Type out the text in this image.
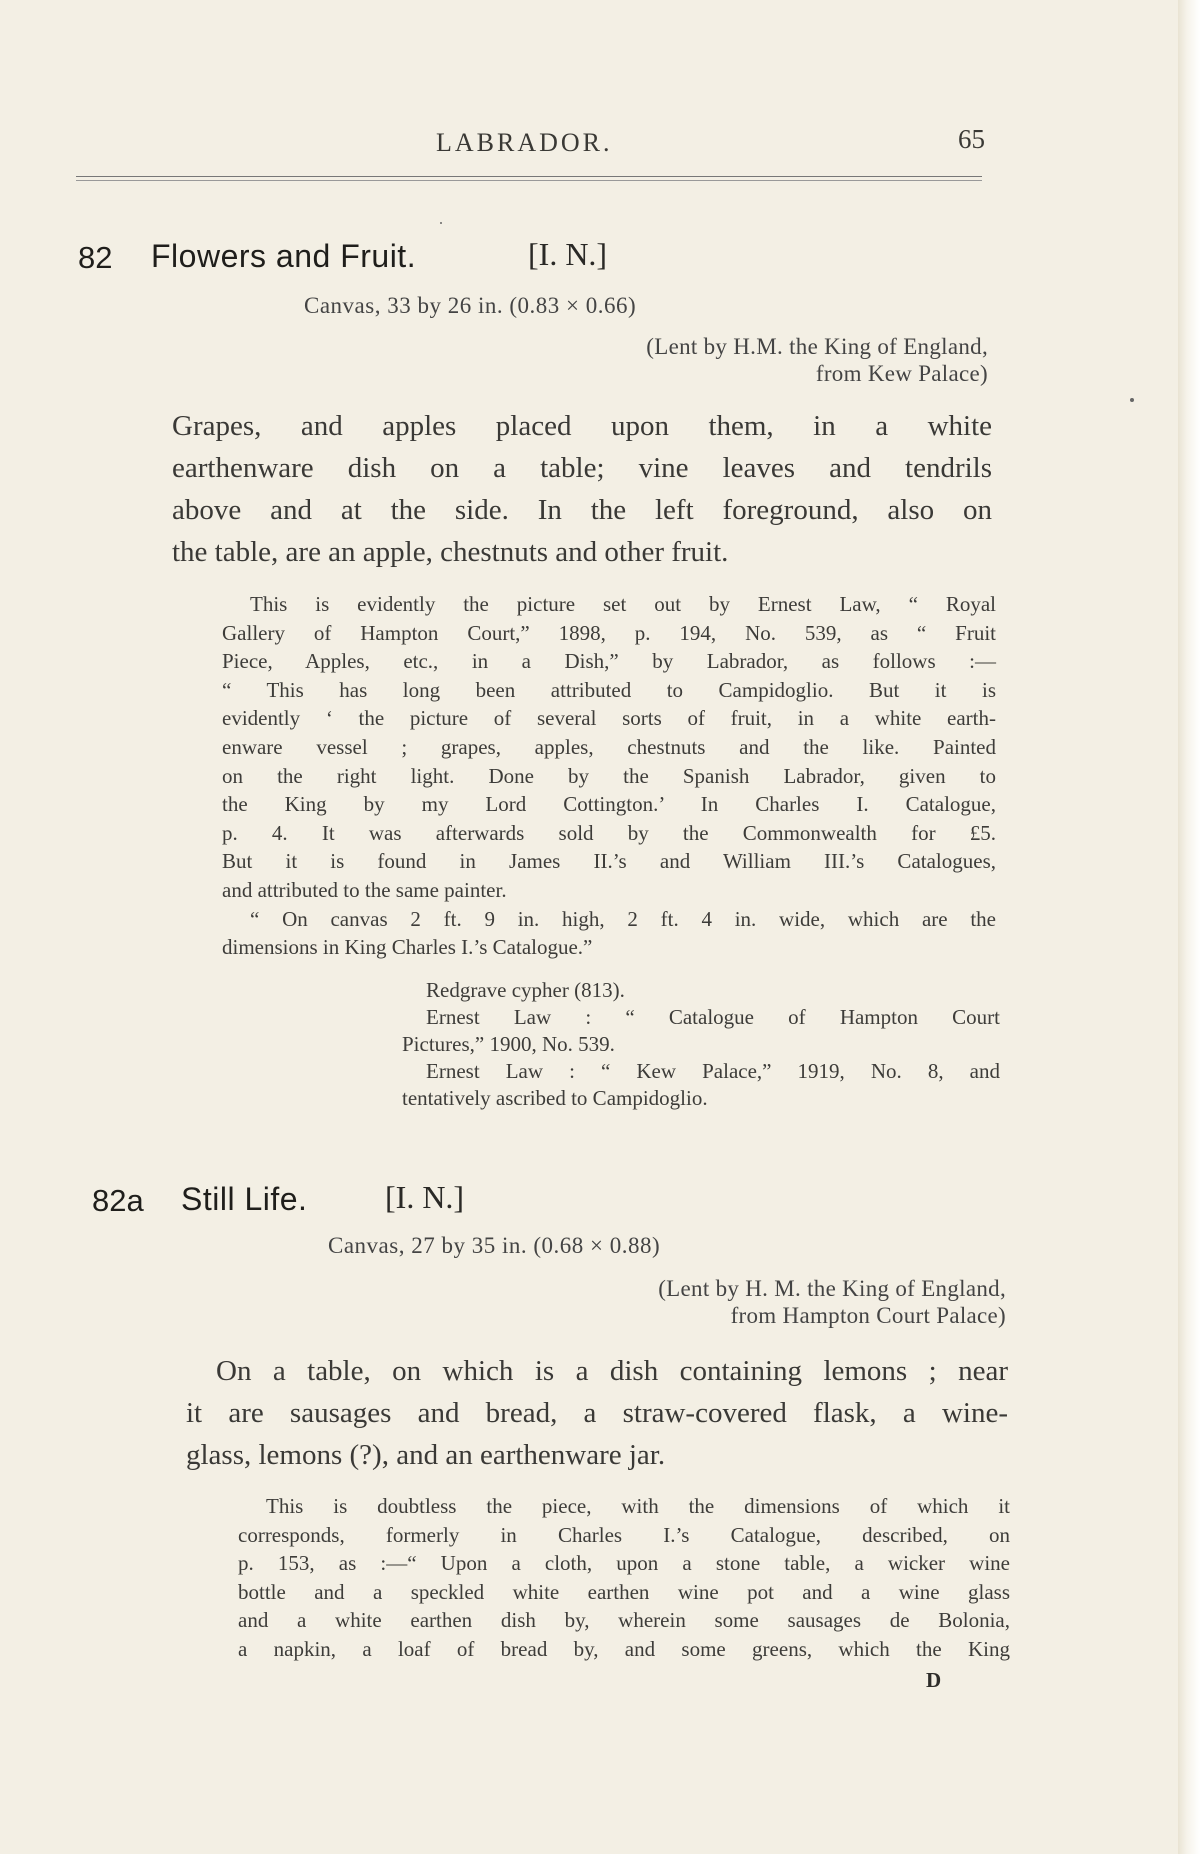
LABRADOR.	65
82 Flowers and Fruit.	[I. N.]
Canvas, 33 by 26 in. (0.83 × 0.66)
(Lent by H.M. the King of England,
from Kew Palace)
Grapes, and apples placed upon them, in a white
earthenware dish on a table; vine leaves and tendrils
above and at the side. In the left foreground, also on
the table, are an apple, chestnuts and other fruit.
This is evidently the picture set out by Ernest Law, “ Royal
Gallery of Hampton Court,” 1898, p. 194, No. 539, as “ Fruit
Piece, Apples, etc., in a Dish,” by Labrador, as follows :—
“ This has long been attributed to Campidoglio. But it is
evidently ‘ the picture of several sorts of fruit, in a white earth-
enware vessel ; grapes, apples, chestnuts and the like. Painted
on the right light. Done by the Spanish Labrador, given to
the King by my Lord Cottington.’ In Charles I. Catalogue,
p. 4. It was afterwards sold by the Commonwealth for £5.
But it is found in James II.’s and William III.’s Catalogues,
and attributed to the same painter.
“ On canvas 2 ft. 9 in. high, 2 ft. 4 in. wide, which are the
dimensions in King Charles I.’s Catalogue.”
Redgrave cypher (813).
Ernest Law : “ Catalogue of Hampton Court
Pictures,” 1900, No. 539.
Ernest Law : “ Kew Palace,” 1919, No. 8, and
tentatively ascribed to Campidoglio.
82a Still Life. [I. N.]
Canvas, 27 by 35 in. (0.68 × 0.88)
(Lent by H. M. the King of England,
from Hampton Court Palace)
On a table, on which is a dish containing lemons ; near
it are sausages and bread, a straw-covered flask, a wine-
glass, lemons (?), and an earthenware jar.
This is doubtless the piece, with the dimensions of which it
corresponds, formerly in Charles I.’s Catalogue, described, on
p. 153, as :—“ Upon a cloth, upon a stone table, a wicker wine
bottle and a speckled white earthen wine pot and a wine glass
and a white earthen dish by, wherein some sausages de Bolonia,
a napkin, a loaf of bread by, and some greens, which the King
D
